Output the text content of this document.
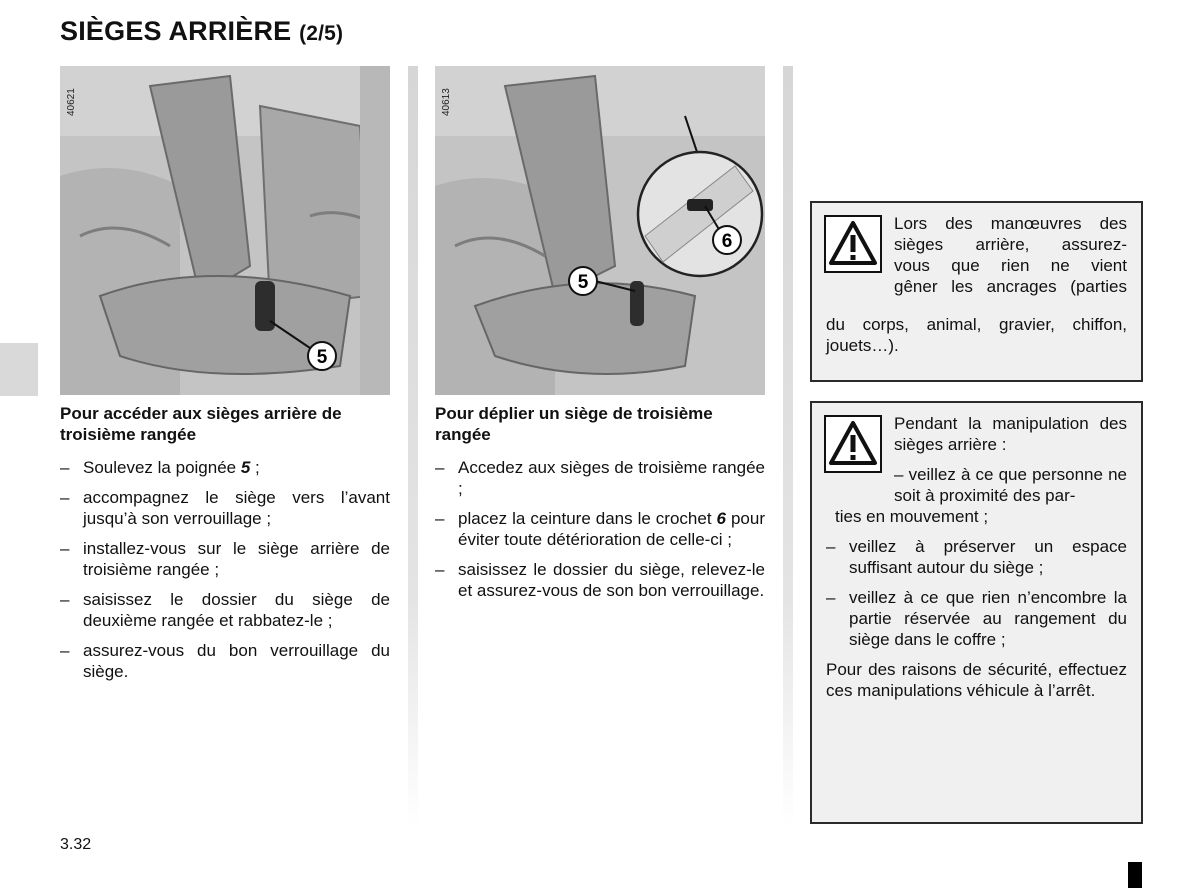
SIÈGES ARRIÈRE (2/5)
5
40621
6
5
40613

Pour accéder aux sièges arrière de troisième rangée

– Soulevez la poignée 5 ;
– accompagnez le siège vers l’avant jusqu’à son verrouillage ;
– installez-vous sur le siège arrière de troisième rangée ;
– saisissez le dossier du siège de deuxième rangée et rabbatez-le ;
– assurez-vous du bon verrouillage du siège.

Pour déplier un siège de troisième rangée

– Accedez aux sièges de troisième rangée ;
– placez la ceinture dans le crochet 6 pour éviter toute détérioration de celle-ci ;
– saisissez le dossier du siège, relevez-le et assurez-vous de son bon verrouillage.
Lors des manœuvres des
sièges arrière, assurez-
vous que rien ne vient
gêner les ancrages (parties

du corps, animal, gravier, chiffon, jouets…).

Pendant la manipulation des sièges arrière :

– veillez à ce que personne ne soit à proximité des par-

ties en mouvement ;

– veillez à préserver un espace suffisant autour du siège ;
– veillez à ce que rien n’encombre la partie réservée au rangement du siège dans le coffre ;

Pour des raisons de sécurité, effectuez ces manipulations véhicule à l’arrêt.

3.32
